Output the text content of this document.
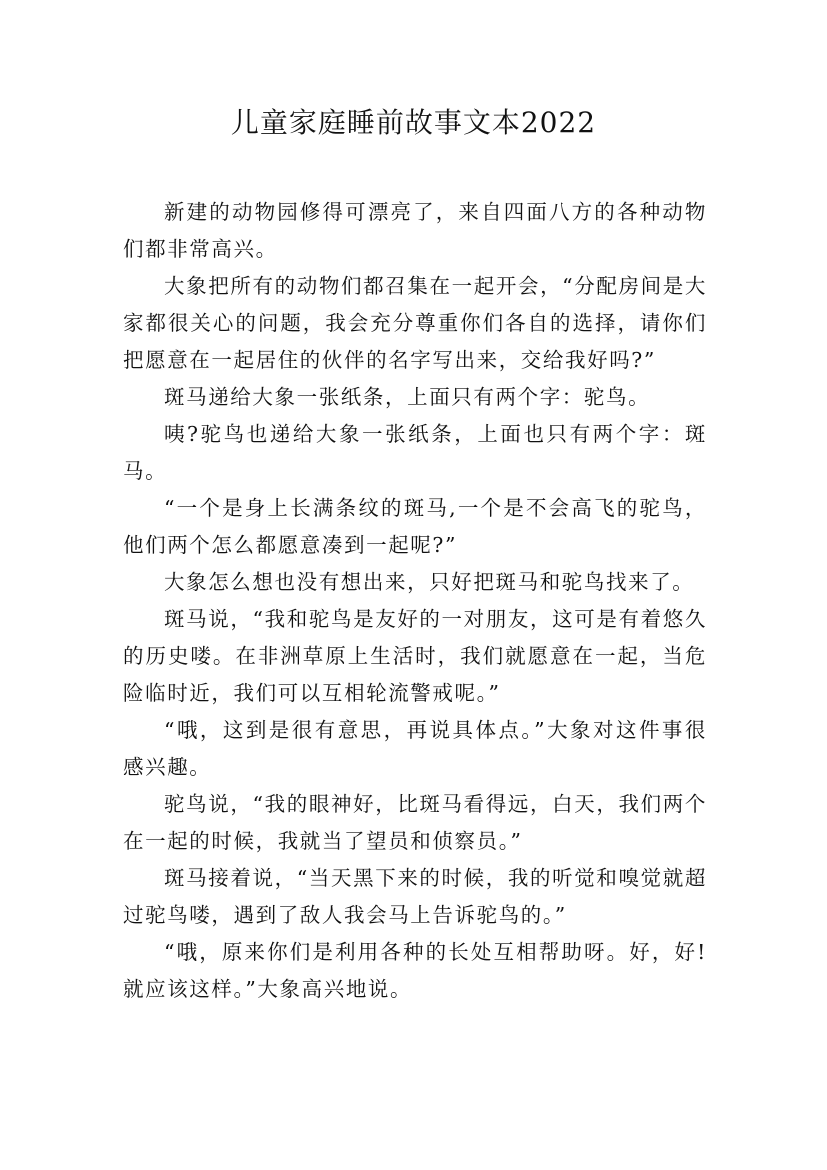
儿童家庭睡前故事文本2022

新建的动物园修得可漂亮了，来自四面八方的各种动物们都非常高兴。

大象把所有的动物们都召集在一起开会，“分配房间是大家都很关心的问题，我会充分尊重你们各自的选择，请你们把愿意在一起居住的伙伴的名字写出来，交给我好吗?”

斑马递给大象一张纸条，上面只有两个字：驼鸟。

咦?驼鸟也递给大象一张纸条，上面也只有两个字：斑马。

“一个是身上长满条纹的斑马,一个是不会高飞的驼鸟，他们两个怎么都愿意凑到一起呢?”

大象怎么想也没有想出来，只好把斑马和驼鸟找来了。

斑马说，“我和驼鸟是友好的一对朋友，这可是有着悠久的历史喽。在非洲草原上生活时，我们就愿意在一起，当危险临时近，我们可以互相轮流警戒呢。”

“哦，这到是很有意思，再说具体点。”大象对这件事很感兴趣。

驼鸟说，“我的眼神好，比斑马看得远，白天，我们两个在一起的时候，我就当了望员和侦察员。”

斑马接着说，“当天黑下来的时候，我的听觉和嗅觉就超过驼鸟喽，遇到了敌人我会马上告诉驼鸟的。”

“哦，原来你们是利用各种的长处互相帮助呀。好，好!就应该这样。”大象高兴地说。
